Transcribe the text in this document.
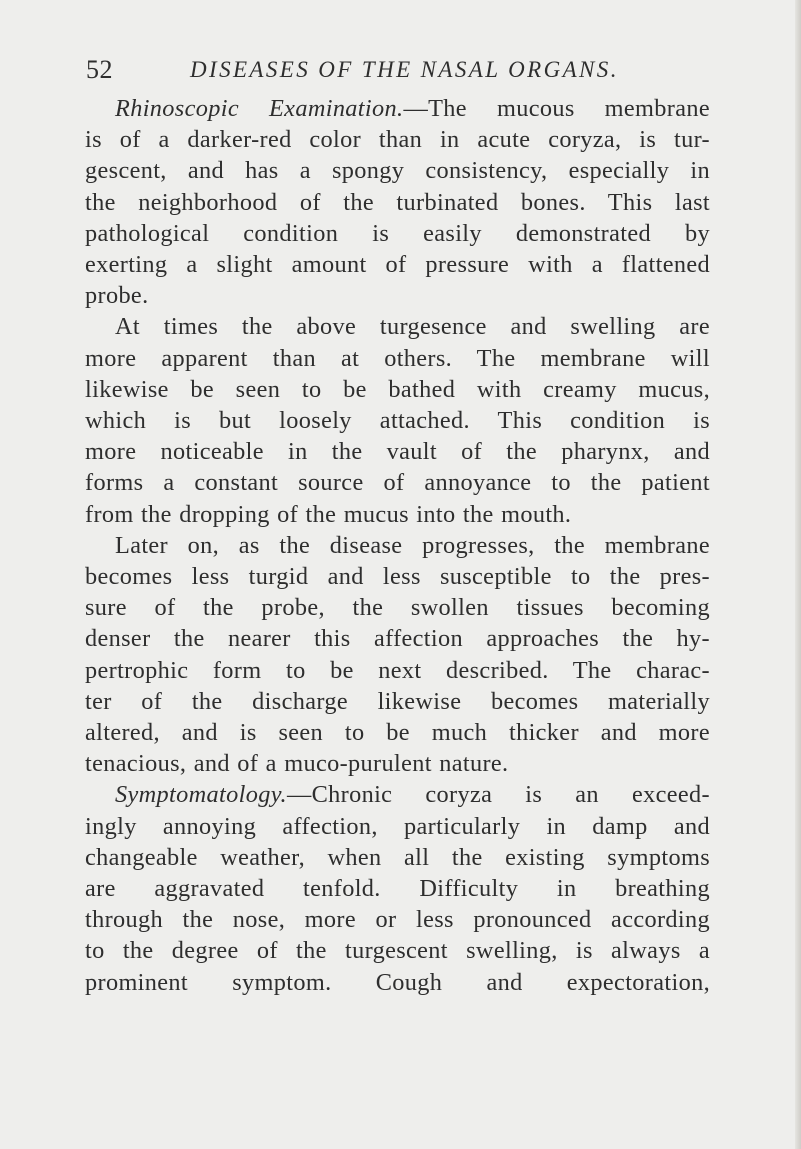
52	DISEASES OF THE NASAL ORGANS.
Rhinoscopic Examination.—The mucous membrane
is of a darker-red color than in acute coryza, is tur-
gescent, and has a spongy consistency, especially in
the neighborhood of the turbinated bones. This last
pathological condition is easily demonstrated by
exerting a slight amount of pressure with a flattened
probe.
At times the above turgesence and swelling are
more apparent than at others. The membrane will
likewise be seen to be bathed with creamy mucus,
which is but loosely attached. This condition is
more noticeable in the vault of the pharynx, and
forms a constant source of annoyance to the patient
from the dropping of the mucus into the mouth.
Later on, as the disease progresses, the membrane
becomes less turgid and less susceptible to the pres-
sure of the probe, the swollen tissues becoming
denser the nearer this affection approaches the hy-
pertrophic form to be next described. The charac-
ter of the discharge likewise becomes materially
altered, and is seen to be much thicker and more
tenacious, and of a muco-purulent nature.
Symptomatology.—Chronic coryza is an exceed-
ingly annoying affection, particularly in damp and
changeable weather, when all the existing symptoms
are aggravated tenfold. Difficulty in breathing
through the nose, more or less pronounced according
to the degree of the turgescent swelling, is always a
prominent symptom. Cough and expectoration,
